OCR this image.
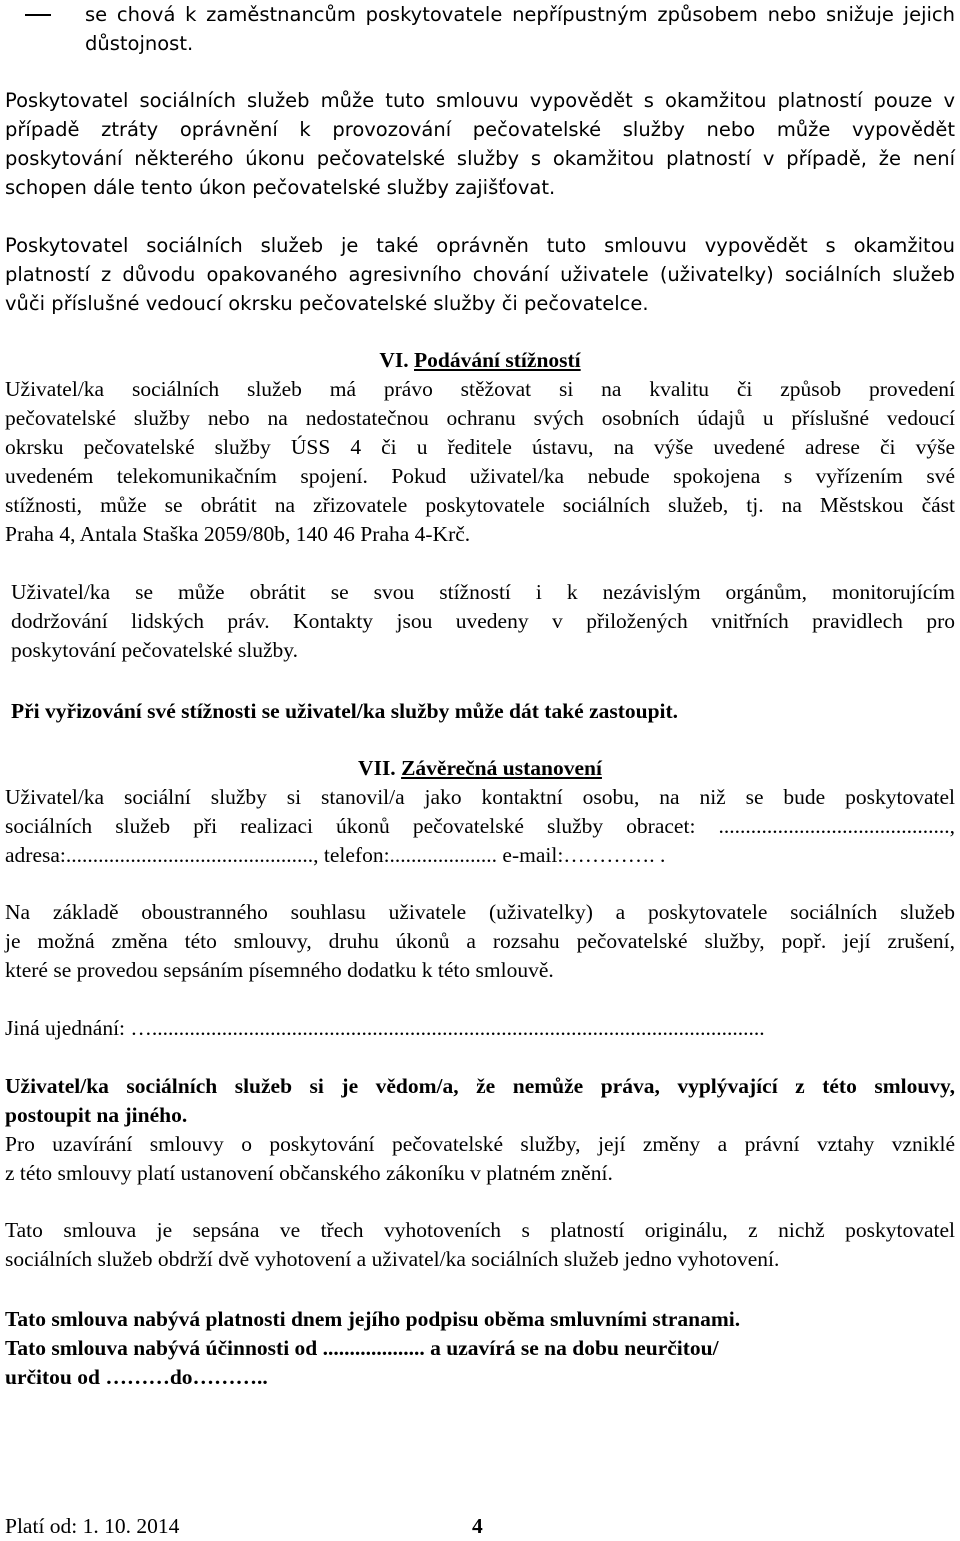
se chová k zaměstnancům poskytovatele nepřípustným způsobem nebo snižuje jejich
důstojnost.
Poskytovatel sociálních služeb může tuto smlouvu vypovědět s okamžitou platností pouze v
případě ztráty oprávnění k provozování pečovatelské služby nebo může vypovědět
poskytování některého úkonu pečovatelské služby s okamžitou platností v případě, že není
schopen dále tento úkon pečovatelské služby zajišťovat.
Poskytovatel sociálních služeb je také oprávněn tuto smlouvu vypovědět s okamžitou
platností z důvodu opakovaného agresivního chování uživatele (uživatelky) sociálních služeb
vůči příslušné vedoucí okrsku pečovatelské služby či pečovatelce.
VI. Podávání stížností
Uživatel/ka sociálních služeb má právo stěžovat si na kvalitu či způsob provedení
pečovatelské služby nebo na nedostatečnou ochranu svých osobních údajů u příslušné vedoucí
okrsku pečovatelské služby ÚSS 4 či u ředitele ústavu, na výše uvedené adrese či výše
uvedeném telekomunikačním spojení. Pokud uživatel/ka nebude spokojena s vyřízením své
stížnosti, může se obrátit na zřizovatele poskytovatele sociálních služeb, tj. na Městskou část
Praha 4, Antala Staška 2059/80b, 140 46 Praha 4-Krč.
Uživatel/ka se může obrátit se svou stížností i k nezávislým orgánům, monitorujícím
dodržování lidských práv. Kontakty jsou uvedeny v přiložených vnitřních pravidlech pro
poskytování pečovatelské služby.
Při vyřizování své stížnosti se uživatel/ka služby může dát také zastoupit.
VII. Závěrečná ustanovení
Uživatel/ka sociální služby si stanovil/a jako kontaktní osobu, na niž se bude poskytovatel
sociálních služeb při realizaci úkonů pečovatelské služby obracet: ...........................................,
adresa:.............................................., telefon:.................... e-mail:…………. .
Na základě oboustranného souhlasu uživatele (uživatelky) a poskytovatele sociálních služeb
je možná změna této smlouvy, druhu úkonů a rozsahu pečovatelské služby, popř. její zrušení,
které se provedou sepsáním písemného dodatku k této smlouvě.
Jiná ujednání: …..................................................................................................................
Uživatel/ka sociálních služeb si je vědom/a, že nemůže práva, vyplývající z této smlouvy,
postoupit na jiného.
Pro uzavírání smlouvy o poskytování pečovatelské služby, její změny a právní vztahy vzniklé
z této smlouvy platí ustanovení občanského zákoníku v platném znění.
Tato smlouva je sepsána ve třech vyhotoveních s platností originálu, z nichž poskytovatel
sociálních služeb obdrží dvě vyhotovení a uživatel/ka sociálních služeb jedno vyhotovení.
Tato smlouva nabývá platnosti dnem jejího podpisu oběma smluvními stranami.
Tato smlouva nabývá účinnosti od ................... a uzavírá se na dobu neurčitou/
určitou od ………do………..
Platí od: 1. 10. 2014	4
